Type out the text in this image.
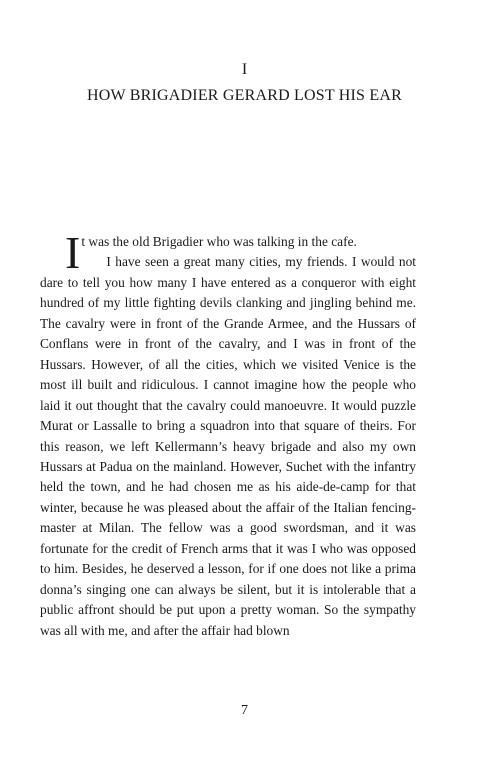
I
HOW BRIGADIER GERARD LOST HIS EAR

It was the old Brigadier who was talking in the cafe.

I have seen a great many cities, my friends. I would not dare to tell you how many I have entered as a conqueror with eight hundred of my little fighting devils clanking and jingling behind me. The cavalry were in front of the Grande Armee, and the Hussars of Conflans were in front of the cavalry, and I was in front of the Hussars. However, of all the cities, which we visited Venice is the most ill built and ridiculous. I cannot imagine how the people who laid it out thought that the cavalry could manoeuvre. It would puzzle Murat or Lassalle to bring a squadron into that square of theirs. For this reason, we left Kellermann’s heavy brigade and also my own Hussars at Padua on the mainland. However, Suchet with the infantry held the town, and he had chosen me as his aide-de-camp for that winter, because he was pleased about the affair of the Italian fencing-master at Milan. The fellow was a good swordsman, and it was fortunate for the credit of French arms that it was I who was opposed to him. Besides, he deserved a lesson, for if one does not like a prima donna’s singing one can always be silent, but it is intolerable that a public affront should be put upon a pretty woman. So the sympathy was all with me, and after the affair had blown

7
